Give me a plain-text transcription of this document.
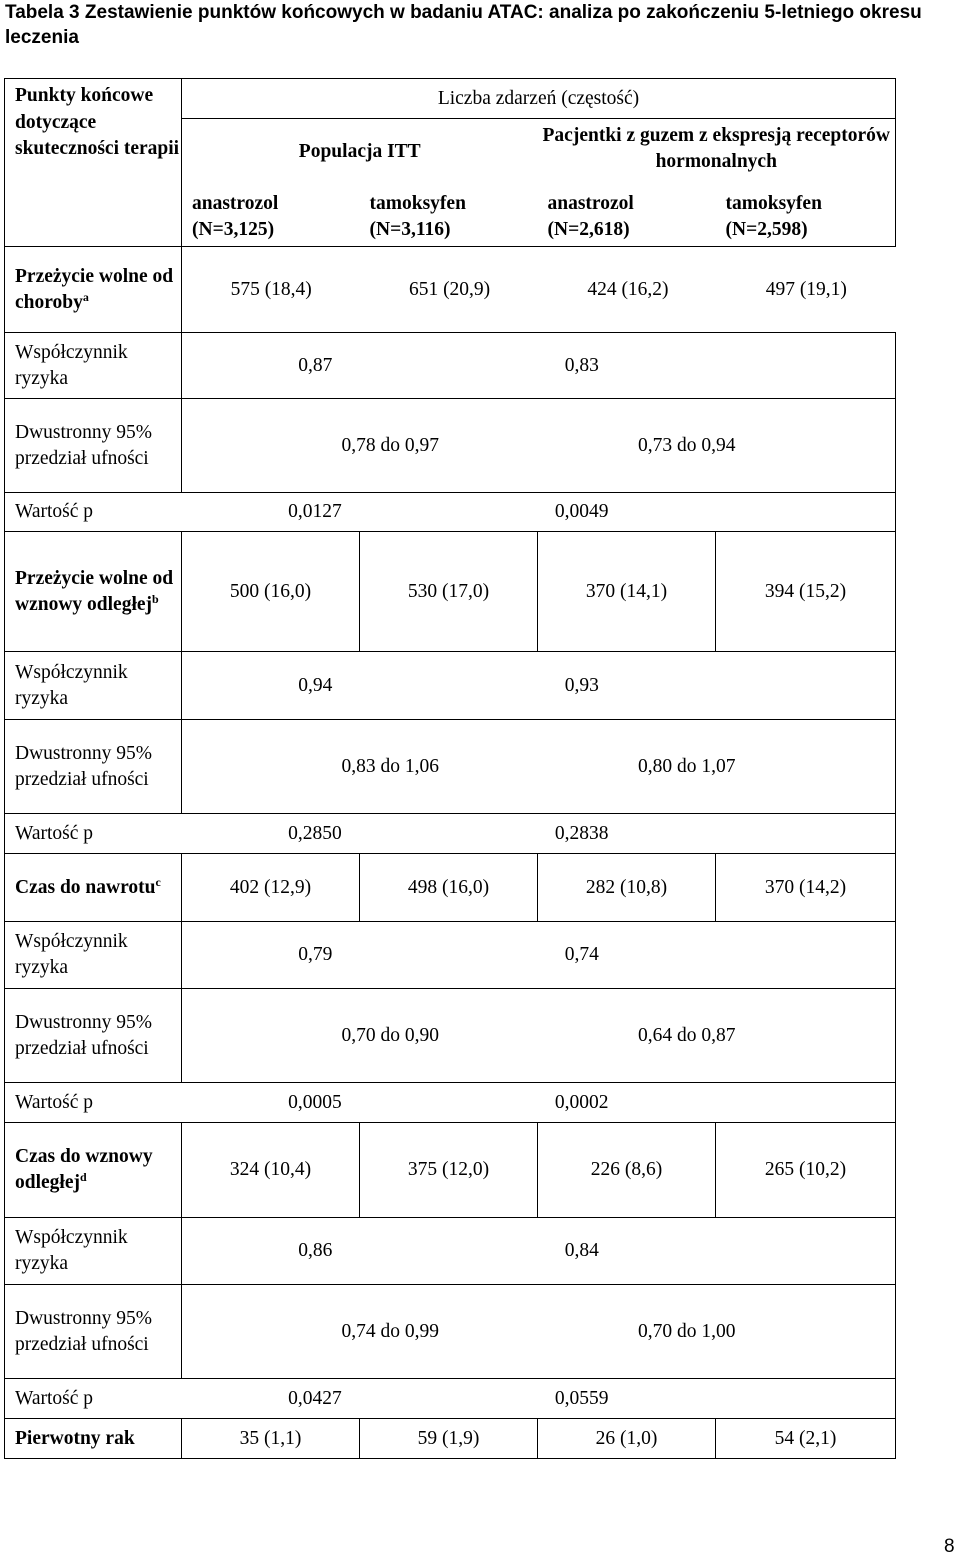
Tabela 3 Zestawienie punktów końcowych w badaniu ATAC: analiza po zakończeniu 5-letniego okresu leczenia
Punkty końcowe dotyczące skuteczności terapii	Liczba zdarzeń (częstość)			
	Populacja ITT		Pacjentki z guzem z ekspresją receptorów hormonalnych	
	anastrozol (N=3,125)	tamoksyfen (N=3,116)	anastrozol (N=2,618)	tamoksyfen (N=2,598)
Przeżycie wolne od choroby$^a$	575 (18,4) 651 (20,9) 424 (16,2) 497 (19,1)			

Współczynnik ryzyka	0,87 0,83			

Dwustronny 95% przedział ufności	0,78 do 0,97 0,73 do 0,94			

Wartość p	0,0127 0,0049			

Przeżycie wolne od wznowy odległej$^b$	500 (16,0)	530 (17,0)	370 (14,1)	394 (15,2)
Współczynnik ryzyka	0,94 0,93			

Dwustronny 95% przedział ufności	0,83 do 1,06 0,80 do 1,07			

Wartość p	0,2850 0,2838			

Czas do nawrotu$^c$	402 (12,9)	498 (16,0)	282 (10,8)	370 (14,2)
Współczynnik ryzyka	0,79 0,74			

Dwustronny 95% przedział ufności	0,70 do 0,90 0,64 do 0,87			

Wartość p	0,0005 0,0002			

Czas do wznowy odległej$^d$	324 (10,4)	375 (12,0)	226 (8,6)	265 (10,2)
Współczynnik ryzyka	0,86 0,84			

Dwustronny 95% przedział ufności	0,74 do 0,99 0,70 do 1,00			

Wartość p	0,0427 0,0559			

Pierwotny rak	35 (1,1)	59 (1,9)	26 (1,0)	54 (2,1)
8
